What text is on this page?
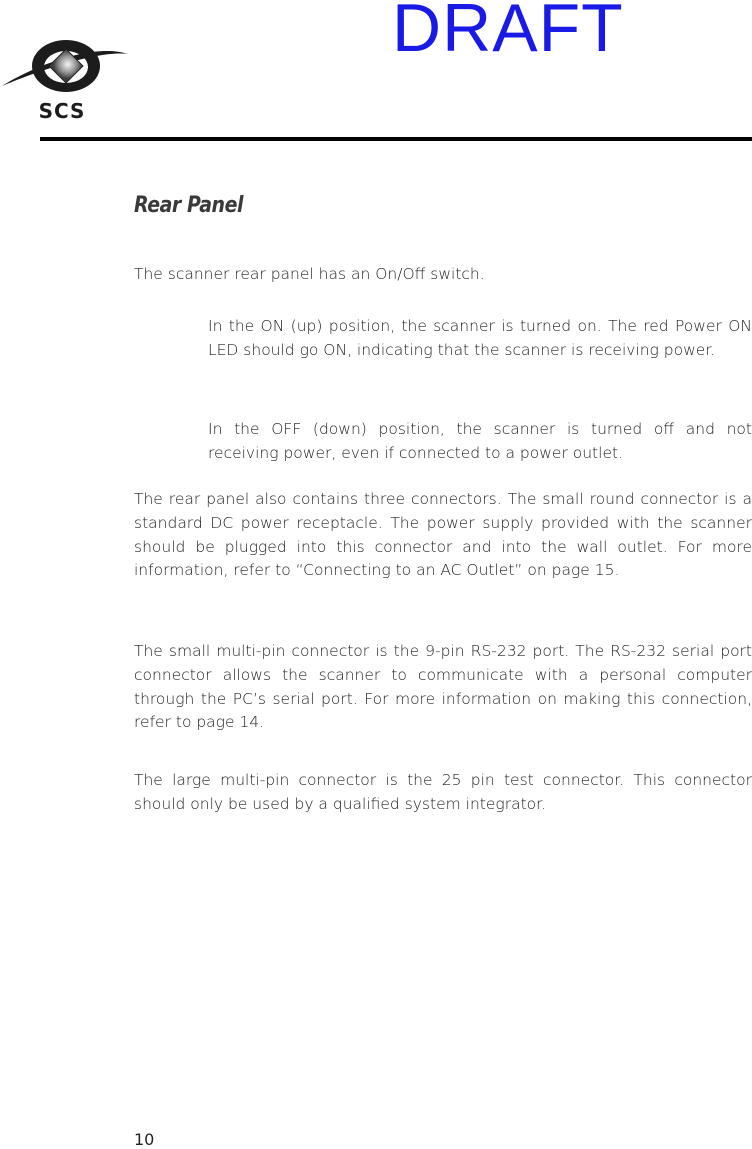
DRAFT
SCS
Rear Panel

The scanner rear panel has an On/Off switch.

In the ON (up) position, the scanner is turned on. The red Power ON LED should go ON, indicating that the scanner is receiving power.

In the OFF (down) position, the scanner is turned off and not receiving power, even if connected to a power outlet.

The rear panel also contains three connectors. The small round connector is a standard DC power receptacle. The power supply provided with the scanner should be plugged into this connector and into the wall outlet. For more information, refer to “Connecting to an AC Outlet” on page 15.

The small multi-pin connector is the 9-pin RS-232 port. The RS-232 serial port connector allows the scanner to communicate with a personal computer through the PC’s serial port. For more information on making this connection, refer to page 14.

The large multi-pin connector is the 25 pin test connector. This connector should only be used by a qualified system integrator.

10
